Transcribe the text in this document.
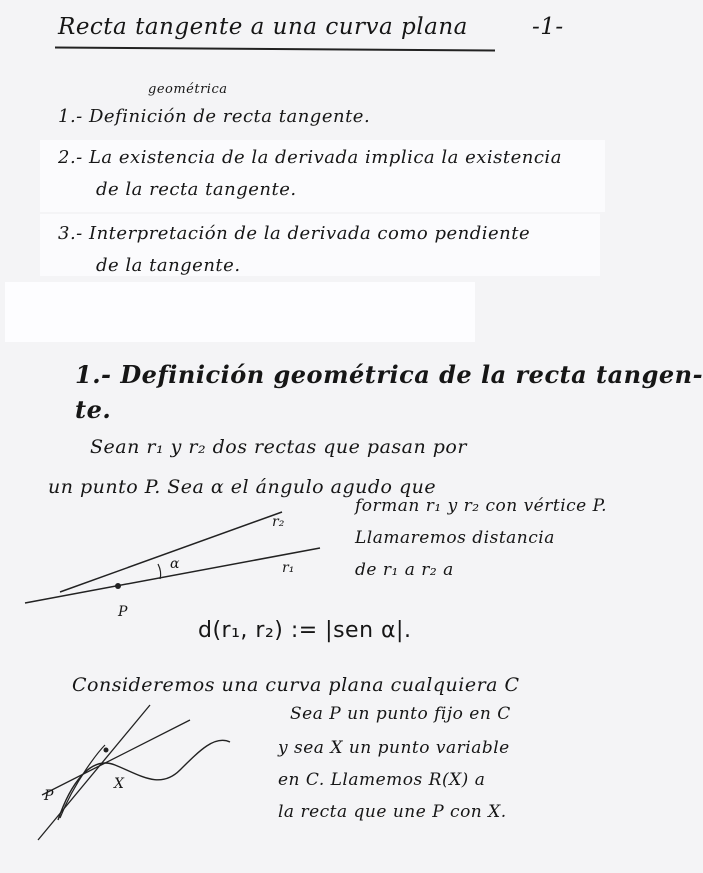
Recta tangente a una curva plana	-1-
geométrica
1.- Definición de recta tangente.
2.- La existencia de la derivada implica la existencia
de la recta tangente.
3.- Interpretación de la derivada como pendiente
de la tangente.
1.- Definición geométrica de la recta tangen-
te.
Sean r₁ y r₂ dos rectas que pasan por
un punto P. Sea α el ángulo agudo que
forman r₁ y r₂ con vértice P.
Llamaremos distancia
de r₁ a r₂ a
r₂
r₁
α
P
d(r₁, r₂) := |sen α|.
Consideremos una curva plana cualquiera C
Sea P un punto fijo en C
y sea X un punto variable
en C. Llamemos R(X) a
la recta que une P con X.
P
X
